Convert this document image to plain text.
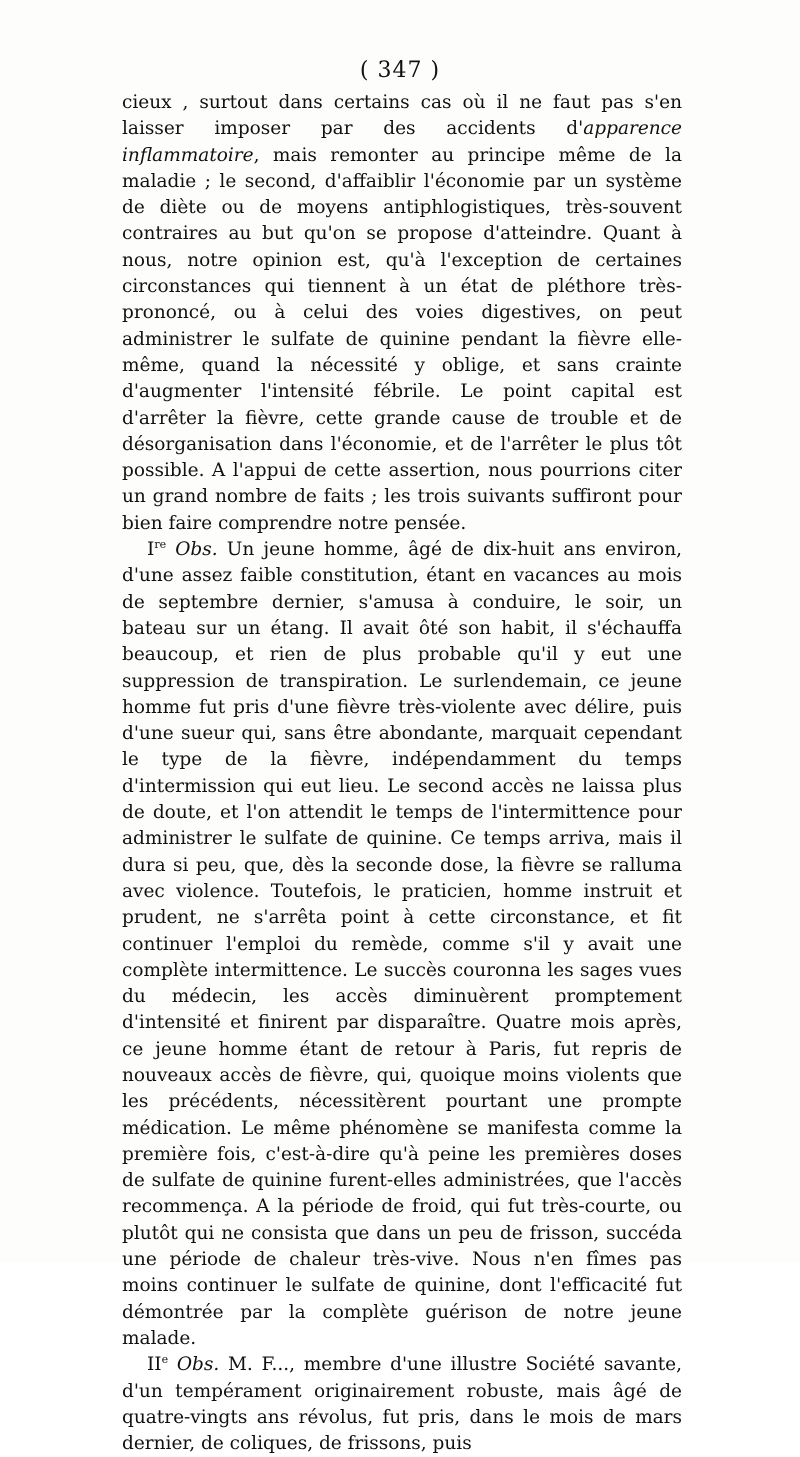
( 347 )

cieux , surtout dans certains cas où il ne faut pas s'en laisser imposer par des accidents d'apparence inflammatoire, mais remonter au principe même de la maladie ; le second, d'affaiblir l'économie par un système de diète ou de moyens antiphlogistiques, très-souvent contraires au but qu'on se propose d'atteindre. Quant à nous, notre opinion est, qu'à l'exception de certaines circonstances qui tiennent à un état de pléthore très-prononcé, ou à celui des voies digestives, on peut administrer le sulfate de quinine pendant la fièvre elle-même, quand la nécessité y oblige, et sans crainte d'augmenter l'intensité fébrile. Le point capital est d'arrêter la fièvre, cette grande cause de trouble et de désorganisation dans l'économie, et de l'arrêter le plus tôt possible. A l'appui de cette assertion, nous pourrions citer un grand nombre de faits ; les trois suivants suffiront pour bien faire comprendre notre pensée.

Ire Obs. Un jeune homme, âgé de dix-huit ans environ, d'une assez faible constitution, étant en vacances au mois de septembre dernier, s'amusa à conduire, le soir, un bateau sur un étang. Il avait ôté son habit, il s'échauffa beaucoup, et rien de plus probable qu'il y eut une suppression de transpiration. Le surlendemain, ce jeune homme fut pris d'une fièvre très-violente avec délire, puis d'une sueur qui, sans être abondante, marquait cependant le type de la fièvre, indépendamment du temps d'intermission qui eut lieu. Le second accès ne laissa plus de doute, et l'on attendit le temps de l'intermittence pour administrer le sulfate de quinine. Ce temps arriva, mais il dura si peu, que, dès la seconde dose, la fièvre se ralluma avec violence. Toutefois, le praticien, homme instruit et prudent, ne s'arrêta point à cette circonstance, et fit continuer l'emploi du remède, comme s'il y avait une complète intermittence. Le succès couronna les sages vues du médecin, les accès diminuèrent promptement d'intensité et finirent par disparaître. Quatre mois après, ce jeune homme étant de retour à Paris, fut repris de nouveaux accès de fièvre, qui, quoique moins violents que les précédents, nécessitèrent pourtant une prompte médication. Le même phénomène se manifesta comme la première fois, c'est-à-dire qu'à peine les premières doses de sulfate de quinine furent-elles administrées, que l'accès recommença. A la période de froid, qui fut très-courte, ou plutôt qui ne consista que dans un peu de frisson, succéda une période de chaleur très-vive. Nous n'en fîmes pas moins continuer le sulfate de quinine, dont l'efficacité fut démontrée par la complète guérison de notre jeune malade.

IIe Obs. M. F..., membre d'une illustre Société savante, d'un tempérament originairement robuste, mais âgé de quatre-vingts ans révolus, fut pris, dans le mois de mars dernier, de coliques, de frissons, puis
